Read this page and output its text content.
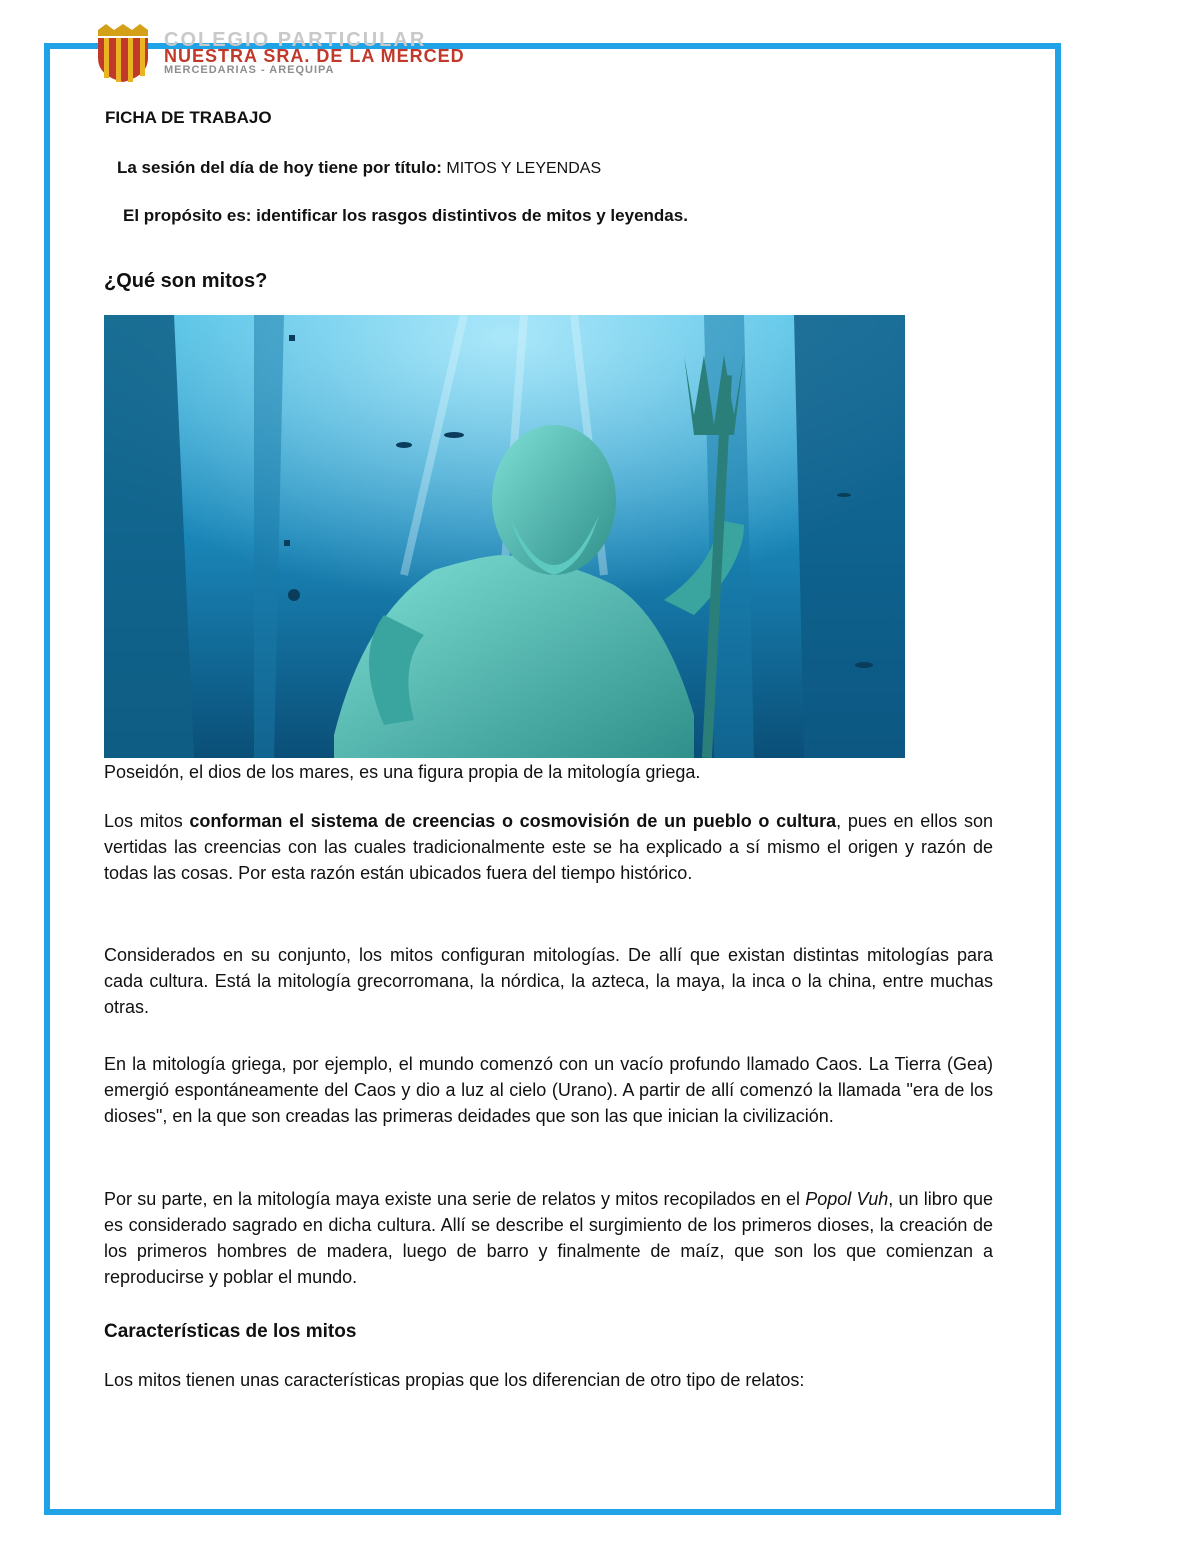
COLEGIO PARTICULAR
NUESTRA SRA. DE LA MERCED
MERCEDARIAS - AREQUIPA
FICHA DE TRABAJO
La sesión del día de hoy tiene por título: MITOS Y LEYENDAS
El propósito es: identificar los rasgos distintivos de mitos y leyendas.
¿Qué son mitos?
Poseidón, el dios de los mares, es una figura propia de la mitología griega.

Los mitos conforman el sistema de creencias o cosmovisión de un pueblo o cultura, pues en ellos son vertidas las creencias con las cuales tradicionalmente este se ha explicado a sí mismo el origen y razón de todas las cosas. Por esta razón están ubicados fuera del tiempo histórico.

Considerados en su conjunto, los mitos configuran mitologías. De allí que existan distintas mitologías para cada cultura. Está la mitología grecorromana, la nórdica, la azteca, la maya, la inca o la china, entre muchas otras.

En la mitología griega, por ejemplo, el mundo comenzó con un vacío profundo llamado Caos. La Tierra (Gea) emergió espontáneamente del Caos y dio a luz al cielo (Urano). A partir de allí comenzó la llamada "era de los dioses", en la que son creadas las primeras deidades que son las que inician la civilización.

Por su parte, en la mitología maya existe una serie de relatos y mitos recopilados en el Popol Vuh, un libro que es considerado sagrado en dicha cultura. Allí se describe el surgimiento de los primeros dioses, la creación de los primeros hombres de madera, luego de barro y finalmente de maíz, que son los que comienzan a reproducirse y poblar el mundo.

Características de los mitos
Los mitos tienen unas características propias que los diferencian de otro tipo de relatos:
